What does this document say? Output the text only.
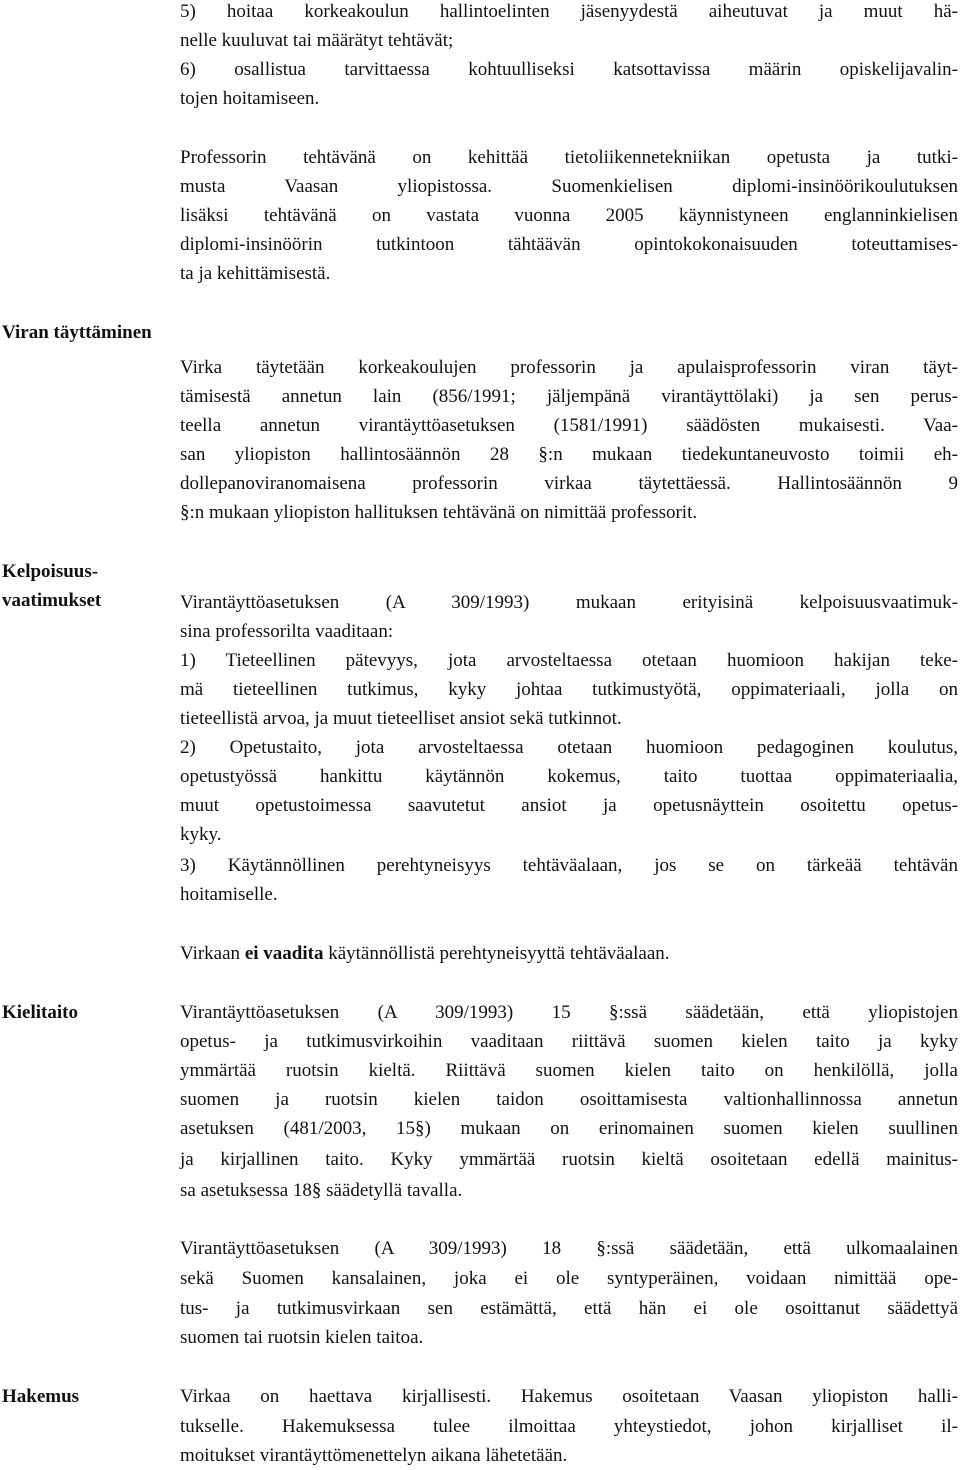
5) hoitaa korkeakoulun hallintoelinten jäsenyydestä aiheutuvat ja muut hä-
nelle kuuluvat tai määrätyt tehtävät;
6) osallistua tarvittaessa kohtuulliseksi katsottavissa määrin opiskelijavalin-
tojen hoitamiseen.
Professorin tehtävänä on kehittää tietoliikennetekniikan opetusta ja tutki-
musta Vaasan yliopistossa. Suomenkielisen diplomi-insinöörikoulutuksen
lisäksi tehtävänä on vastata vuonna 2005 käynnistyneen englanninkielisen
diplomi-insinöörin tutkintoon tähtäävän opintokokonaisuuden toteuttamises-
ta ja kehittämisestä.
Viran täyttäminen
Virka täytetään korkeakoulujen professorin ja apulaisprofessorin viran täyt-
tämisestä annetun lain (856/1991; jäljempänä virantäyttölaki) ja sen perus-
teella annetun virantäyttöasetuksen (1581/1991) säädösten mukaisesti. Vaa-
san yliopiston hallintosäännön 28 §:n mukaan tiedekuntaneuvosto toimii eh-
dollepanoviranomaisena professorin virkaa täytettäessä. Hallintosäännön 9
§:n mukaan yliopiston hallituksen tehtävänä on nimittää professorit.
Kelpoisuus-
vaatimukset	Virantäyttöasetuksen (A 309/1993) mukaan erityisinä kelpoisuusvaatimuk-
sina professorilta vaaditaan:
1) Tieteellinen pätevyys, jota arvosteltaessa otetaan huomioon hakijan teke-
mä tieteellinen tutkimus, kyky johtaa tutkimustyötä, oppimateriaali, jolla on
tieteellistä arvoa, ja muut tieteelliset ansiot sekä tutkinnot.
2) Opetustaito, jota arvosteltaessa otetaan huomioon pedagoginen koulutus,
opetustyössä hankittu käytännön kokemus, taito tuottaa oppimateriaalia,
muut opetustoimessa saavutetut ansiot ja opetusnäyttein osoitettu opetus-
kyky.
3) Käytännöllinen perehtyneisyys tehtäväalaan, jos se on tärkeää tehtävän
hoitamiselle.
Virkaan ei vaadita käytännöllistä perehtyneisyyttä tehtäväalaan.
Kielitaito	Virantäyttöasetuksen (A 309/1993) 15 §:ssä säädetään, että yliopistojen
opetus- ja tutkimusvirkoihin vaaditaan riittävä suomen kielen taito ja kyky
ymmärtää ruotsin kieltä. Riittävä suomen kielen taito on henkilöllä, jolla
suomen ja ruotsin kielen taidon osoittamisesta valtionhallinnossa annetun
asetuksen (481/2003, 15§) mukaan on erinomainen suomen kielen suullinen
ja kirjallinen taito. Kyky ymmärtää ruotsin kieltä osoitetaan edellä mainitus-
sa asetuksessa 18§ säädetyllä tavalla.
Virantäyttöasetuksen (A 309/1993) 18 §:ssä säädetään, että ulkomaalainen
sekä Suomen kansalainen, joka ei ole syntyperäinen, voidaan nimittää ope-
tus- ja tutkimusvirkaan sen estämättä, että hän ei ole osoittanut säädettyä
suomen tai ruotsin kielen taitoa.
Hakemus	Virkaa on haettava kirjallisesti. Hakemus osoitetaan Vaasan yliopiston halli-
tukselle. Hakemuksessa tulee ilmoittaa yhteystiedot, johon kirjalliset il-
moitukset virantäyttömenettelyn aikana lähetetään.
